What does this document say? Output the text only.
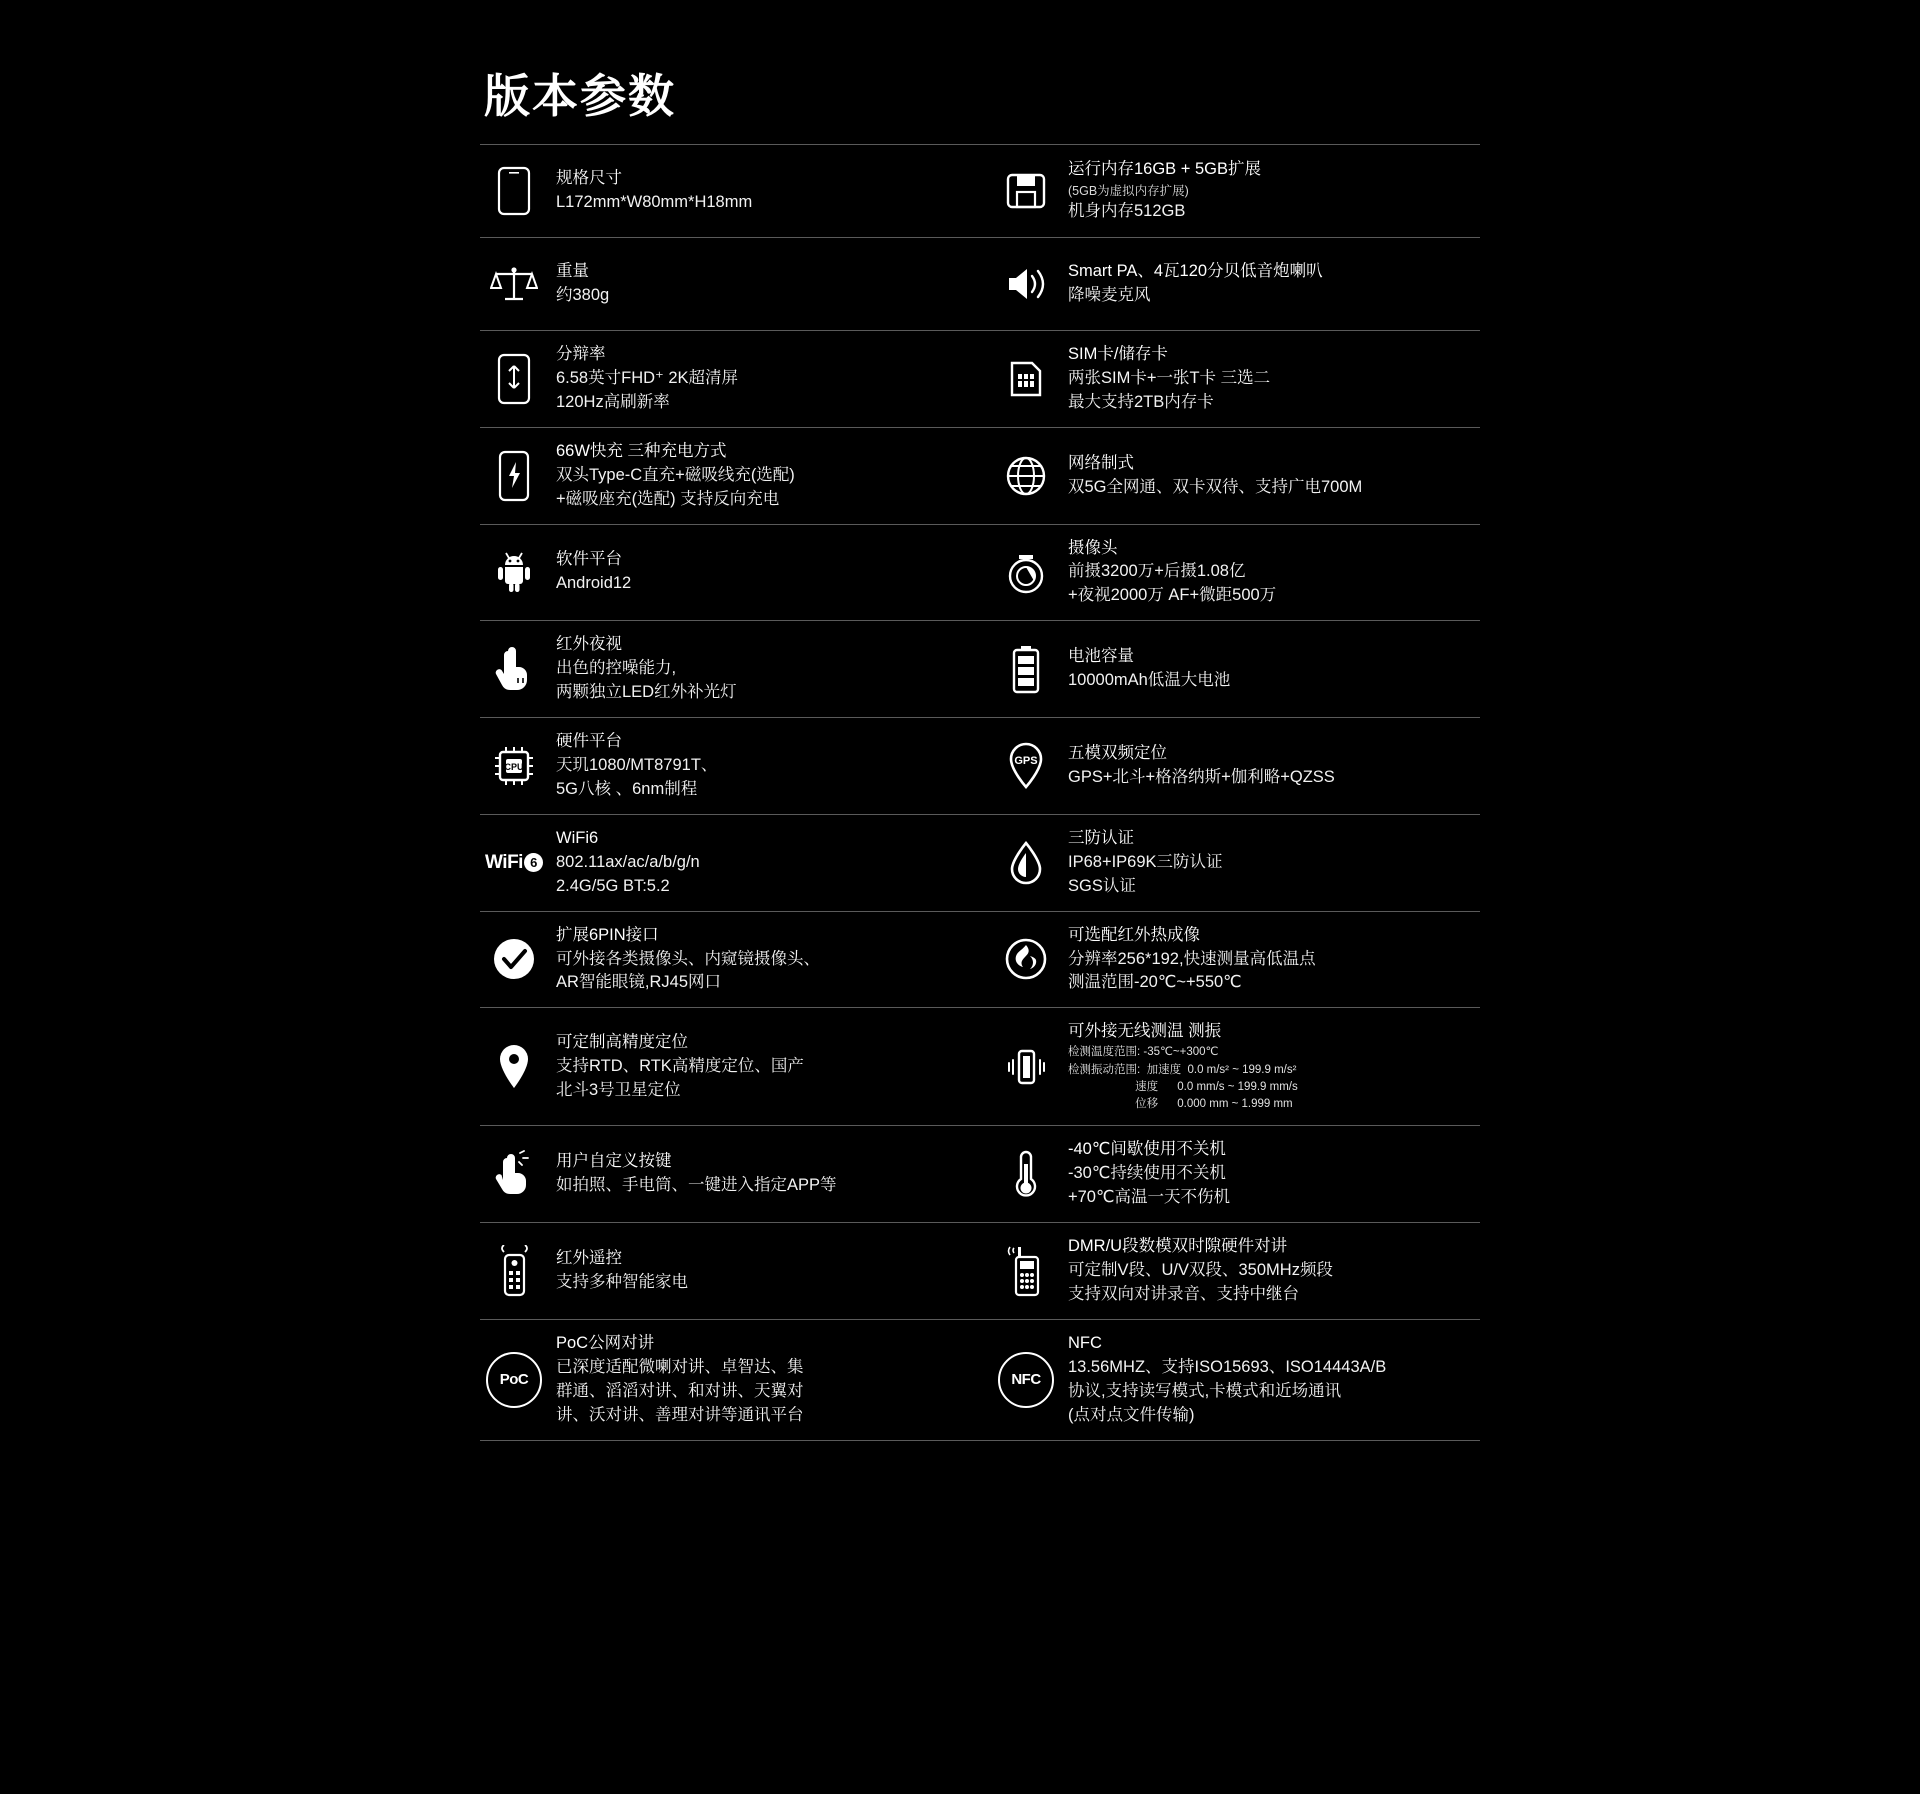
版本参数
规格尺寸
L172mm*W80mm*H18mm
运行内存16GB + 5GB扩展
(5GB为虚拟内存扩展)
机身内存512GB
重量
约380g
Smart PA、4瓦120分贝低音炮喇叭
降噪麦克风
分辩率
6.58英寸FHD⁺ 2K超清屏
120Hz高刷新率
SIM卡/储存卡
两张SIM卡+一张T卡 三选二
最大支持2TB内存卡
66W快充 三种充电方式
双头Type-C直充+磁吸线充(选配)
+磁吸座充(选配) 支持反向充电
网络制式
双5G全网通、双卡双待、支持广电700M
软件平台
Android12
摄像头
前摄3200万+后摄1.08亿
+夜视2000万 AF+微距500万
红外夜视
出色的控噪能力,
两颗独立LED红外补光灯
电池容量
10000mAh低温大电池
CPU
硬件平台
天玑1080/MT8791T、
5G八核 、6nm制程
GPS 五模双频定位
GPS+北斗+格洛纳斯+伽利略+QZSS
WiFi 6
WiFi6
802.11ax/ac/a/b/g/n
2.4G/5G BT:5.2
三防认证
IP68+IP69K三防认证
SGS认证
扩展6PIN接口
可外接各类摄像头、内窥镜摄像头、
AR智能眼镜,RJ45网口
可选配红外热成像
分辨率256*192,快速测量高低温点
测温范围-20℃~+550℃
可定制高精度定位
支持RTD、RTK高精度定位、国产
北斗3号卫星定位
可外接无线测温 测振
检测温度范围: -35℃~+300℃
检测振动范围:  加速度  0.0 m/s² ~ 199.9 m/s²
速度      0.0 mm/s ~ 199.9 mm/s
位移      0.000 mm ~ 1.999 mm
用户自定义按键
如拍照、手电筒、一键进入指定APP等
-40℃间歇使用不关机
-30℃持续使用不关机
+70℃高温一天不伤机
红外遥控
支持多种智能家电
DMR/U段数模双时隙硬件对讲
可定制V段、U/V双段、350MHz频段
支持双向对讲录音、支持中继台
PoC
PoC公网对讲
已深度适配微喇对讲、卓智达、集
群通、滔滔对讲、和对讲、天翼对
讲、沃对讲、善理对讲等通讯平台
NFC
NFC
13.56MHZ、支持ISO15693、ISO14443A/B
协议,支持读写模式,卡模式和近场通讯
(点对点文件传输)
